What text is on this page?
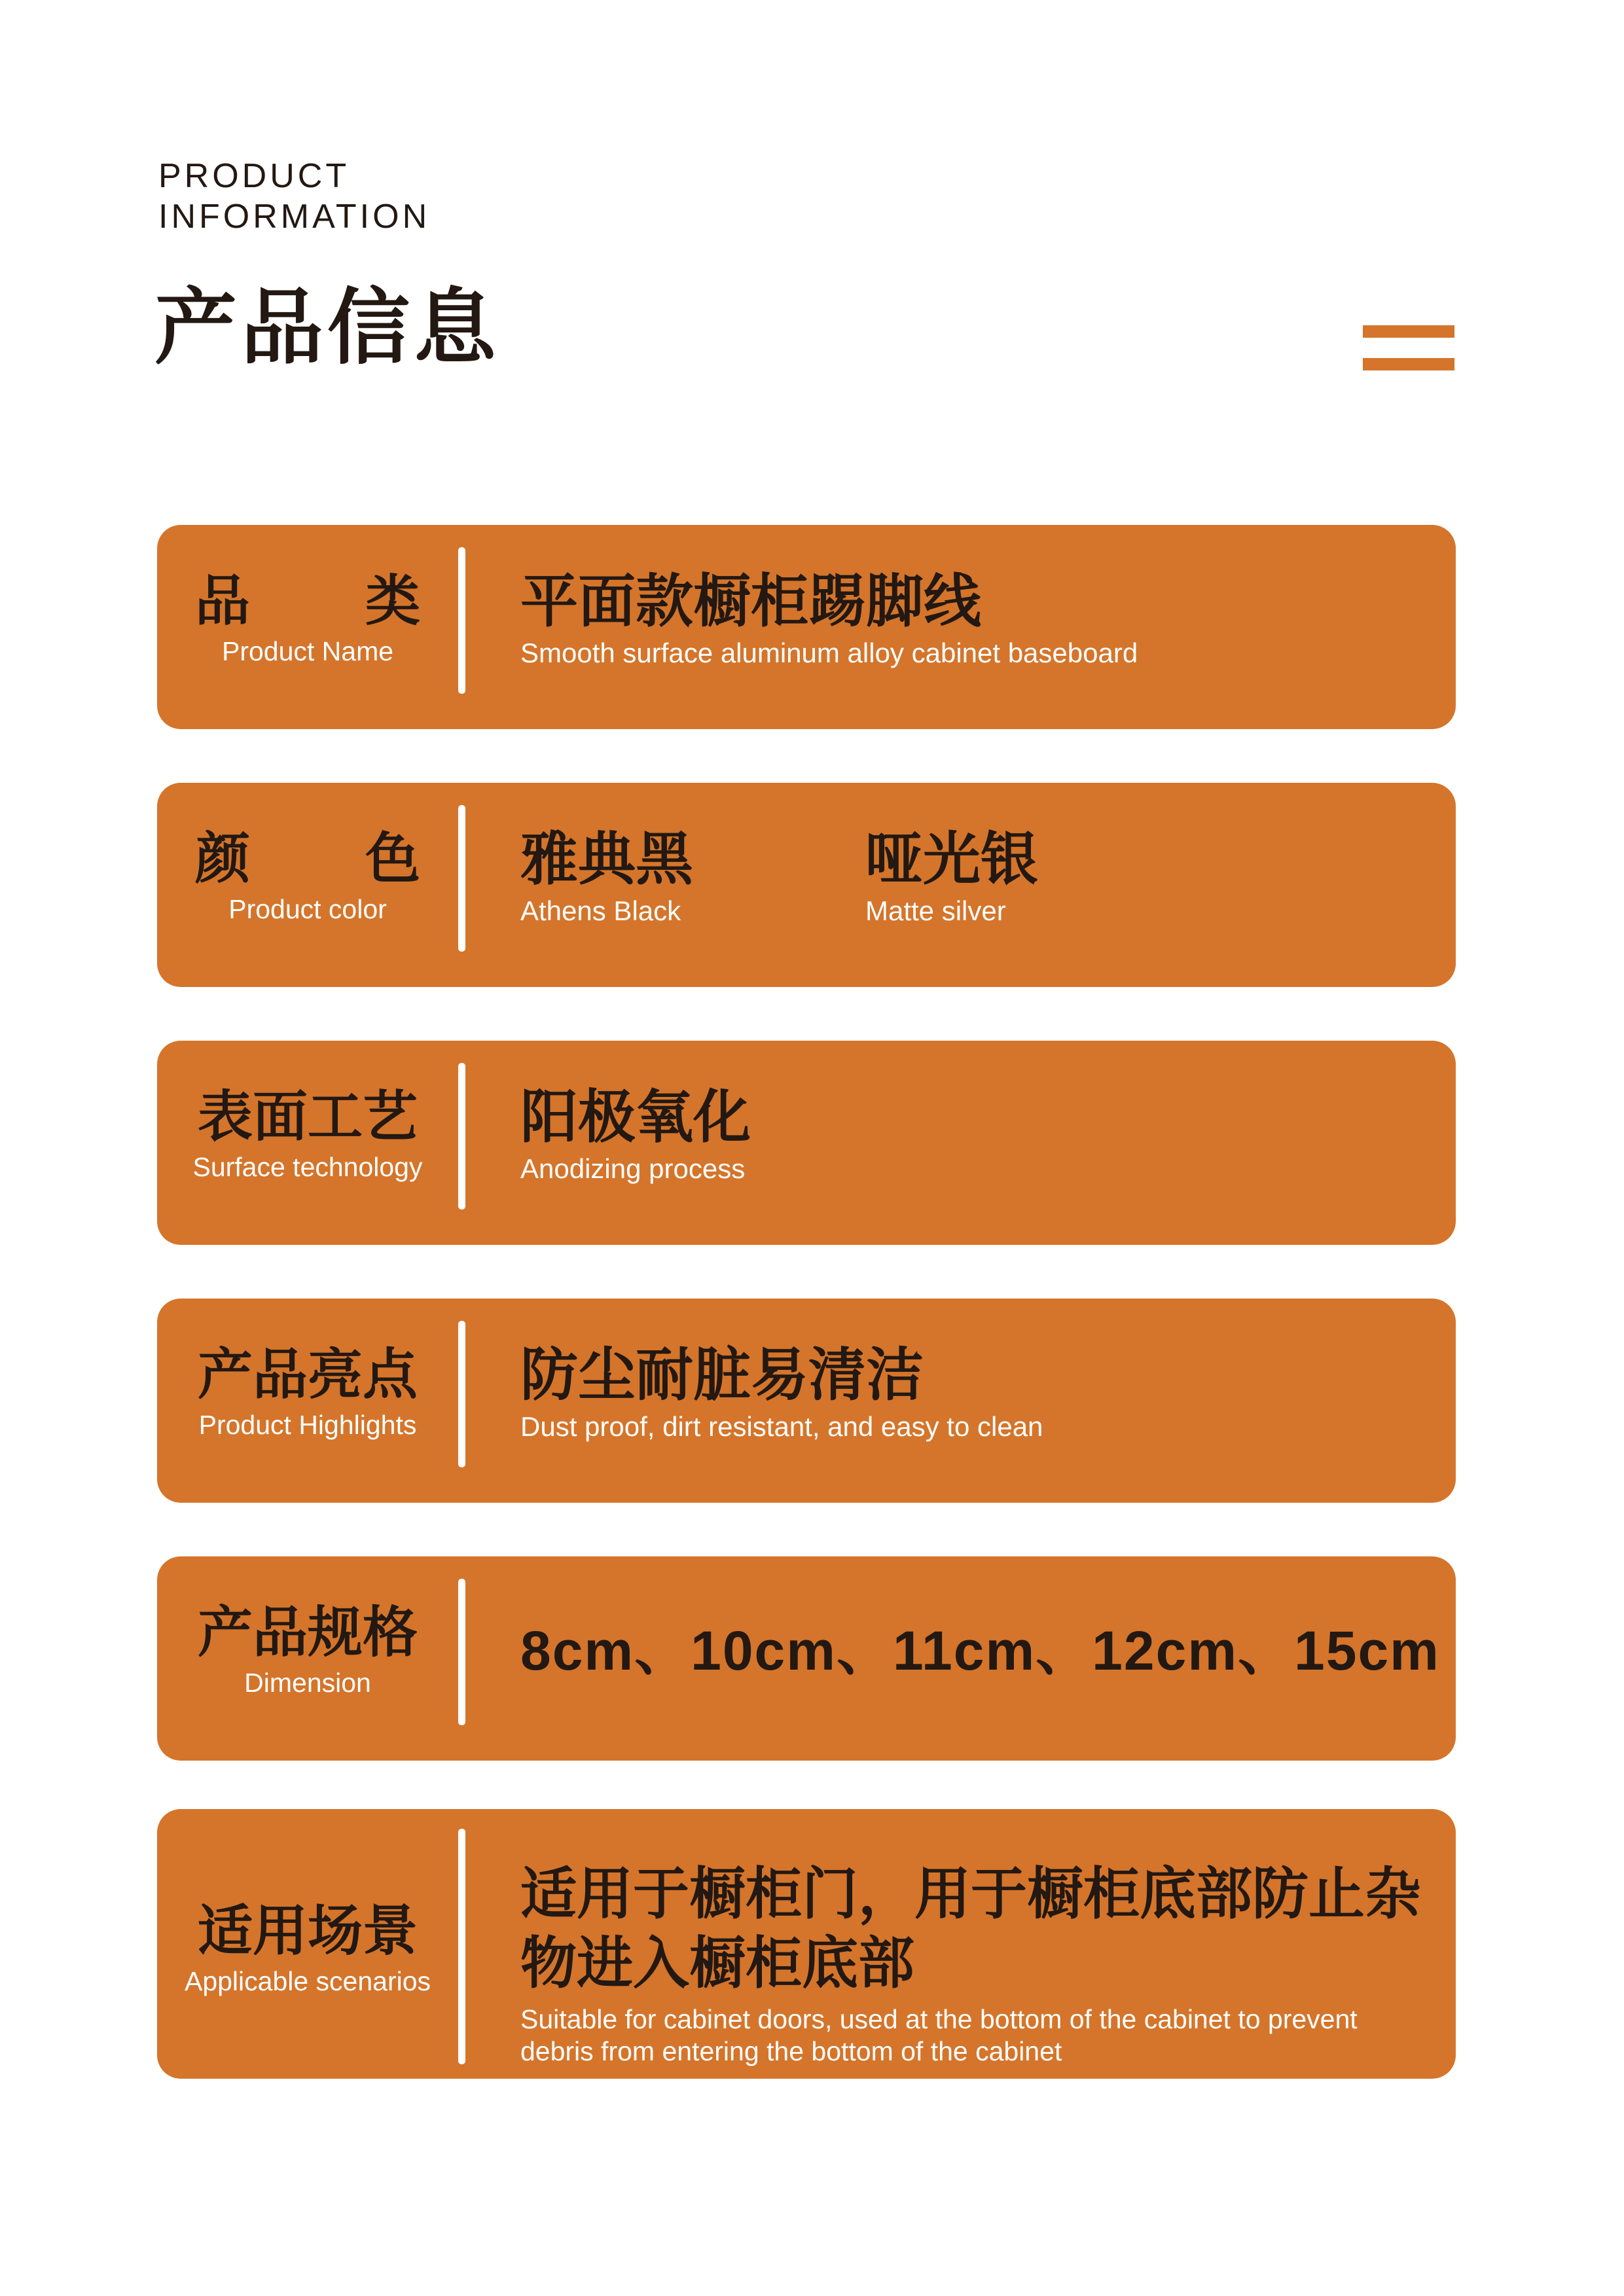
PRODUCT
INFORMATION
产品信息
品 类
Product Name
平面款橱柜踢脚线
Smooth surface aluminum alloy cabinet baseboard
颜 色
Product color
雅典黑
Athens Black
哑光银
Matte silver
表面工艺
Surface technology
阳极氧化
Anodizing process
产品亮点
Product Highlights
防尘耐脏易清洁
Dust proof, dirt resistant, and easy to clean
产品规格
Dimension
8cm、10cm、11cm、12cm、15cm
适用场景
Applicable scenarios
适用于橱柜门，用于橱柜底部防止杂
物进入橱柜底部
Suitable for cabinet doors, used at the bottom of the cabinet to prevent
debris from entering the bottom of the cabinet
